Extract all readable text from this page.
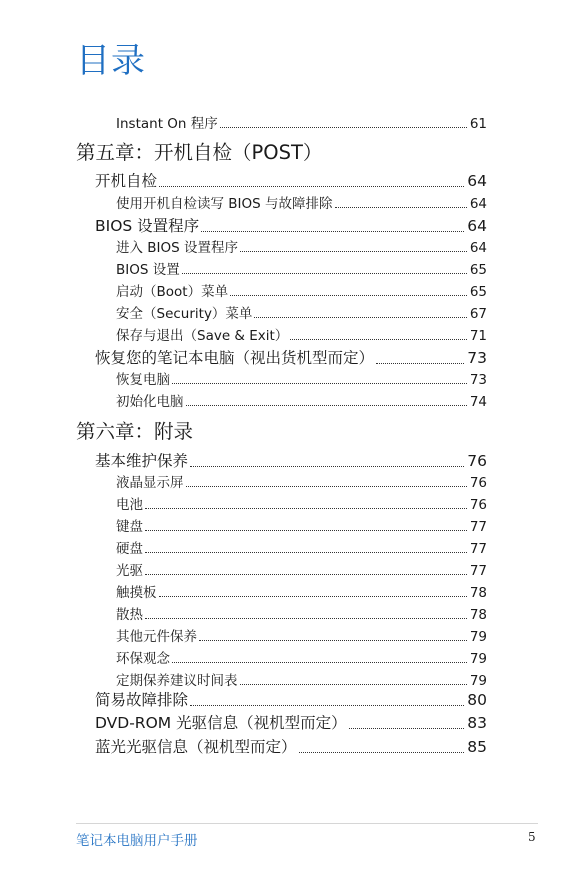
目录
Instant On 程序	61
第五章：开机自检（POST）
开机自检	64
使用开机自检读写 BIOS 与故障排除	64
BIOS 设置程序	64
进入 BIOS 设置程序	64
BIOS 设置	65
启动（Boot）菜单	65
安全（Security）菜单	67
保存与退出（Save & Exit）	71
恢复您的笔记本电脑（视出货机型而定）	73
恢复电脑	73
初始化电脑	74
第六章：附录
基本维护保养	76
液晶显示屏	76
电池	76
键盘	77
硬盘	77
光驱	77
触摸板	78
散热	78
其他元件保养	79
环保观念	79
定期保养建议时间表	79
简易故障排除	80
DVD-ROM 光驱信息（视机型而定）	83
蓝光光驱信息（视机型而定）	85
笔记本电脑用户手册	5
